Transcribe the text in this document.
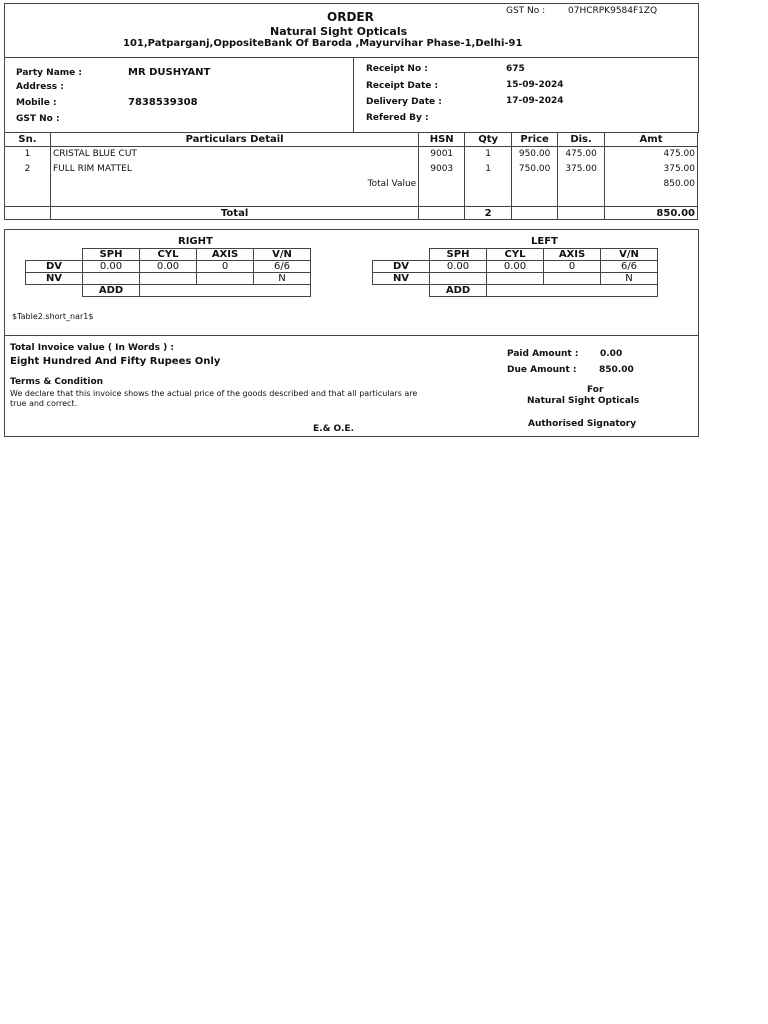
ORDER	GST No :	07HCRPK9584F1ZQ
Natural Sight Opticals
101,Patparganj,OppositeBank Of Baroda ,Mayurvihar Phase-1,Delhi-91
Party Name :	MR DUSHYANT
Address :
Mobile :	7838539308
GST No :
Receipt No :	675
Receipt Date :	15-09-2024
Delivery Date :	17-09-2024
Refered By :
Sn.	Particulars Detail	HSN	Qty	Price	Dis.	Amt
1	CRISTAL BLUE CUT	9001	1	950.00	475.00	475.00
2	FULL RIM MATTEL	9003	1	750.00	375.00	375.00
	Total Value					850.00

	Total		2			850.00
RIGHT
	SPH	CYL	AXIS	V/N
DV	0.00	0.00	0	6/6
NV				N
	ADD			
LEFT
	SPH	CYL	AXIS	V/N
DV	0.00	0.00	0	6/6
NV				N
	ADD			
$Table2.short_nar1$
Total Invoice value ( In Words ) :
Eight Hundred And Fifty Rupees Only
Terms & Condition
We declare that this invoice shows the actual price of the goods described and that all particulars are
true and correct.
Paid Amount : 0.00
Due Amount :	850.00
For
Natural Sight Opticals
E.& O.E.	Authorised Signatory
